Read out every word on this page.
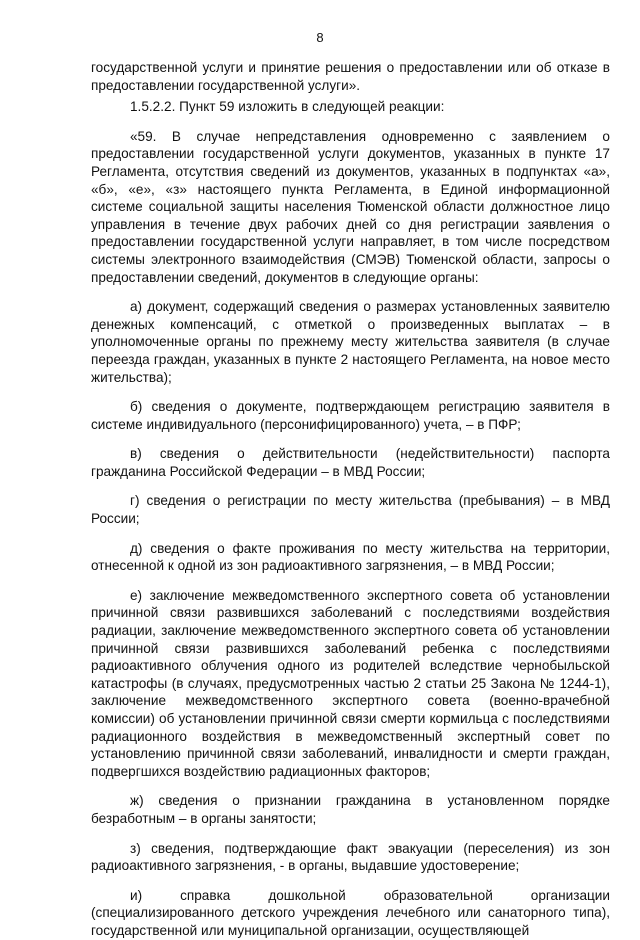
8

государственной услуги и принятие решения о предоставлении или об отказе в предоставлении государственной услуги».

1.5.2.2. Пункт 59 изложить в следующей реакции:

«59. В случае непредставления одновременно с заявлением о предоставлении государственной услуги документов, указанных в пункте 17 Регламента, отсутствия сведений из документов, указанных в подпунктах «а», «б», «е», «з» настоящего пункта Регламента, в Единой информационной системе социальной защиты населения Тюменской области должностное лицо управления в течение двух рабочих дней со дня регистрации заявления о предоставлении государственной услуги направляет, в том числе посредством системы электронного взаимодействия (СМЭВ) Тюменской области, запросы о предоставлении сведений, документов в следующие органы:

а) документ, содержащий сведения о размерах установленных заявителю денежных компенсаций, с отметкой о произведенных выплатах – в уполномоченные органы по прежнему месту жительства заявителя (в случае переезда граждан, указанных в пункте 2 настоящего Регламента, на новое место жительства);

б) сведения о документе, подтверждающем регистрацию заявителя в системе индивидуального (персонифицированного) учета, – в ПФР;

в) сведения о действительности (недействительности) паспорта гражданина Российской Федерации – в МВД России;

г) сведения о регистрации по месту жительства (пребывания) – в МВД России;

д) сведения о факте проживания по месту жительства на территории, отнесенной к одной из зон радиоактивного загрязнения, – в МВД России;

е) заключение межведомственного экспертного совета об установлении причинной связи развившихся заболеваний с последствиями воздействия радиации, заключение межведомственного экспертного совета об установлении причинной связи развившихся заболеваний ребенка с последствиями радиоактивного облучения одного из родителей вследствие чернобыльской катастрофы (в случаях, предусмотренных частью 2 статьи 25 Закона № 1244-1), заключение межведомственного экспертного совета (военно-врачебной комиссии) об установлении причинной связи смерти кормильца с последствиями радиационного воздействия в межведомственный экспертный совет по установлению причинной связи заболеваний, инвалидности и смерти граждан, подвергшихся воздействию радиационных факторов;

ж) сведения о признании гражданина в установленном порядке безработным – в органы занятости;

з) сведения, подтверждающие факт эвакуации (переселения) из зон радиоактивного загрязнения, - в органы, выдавшие удостоверение;

и) справка дошкольной образовательной организации (специализированного детского учреждения лечебного или санаторного типа), государственной или муниципальной организации, осуществляющей
